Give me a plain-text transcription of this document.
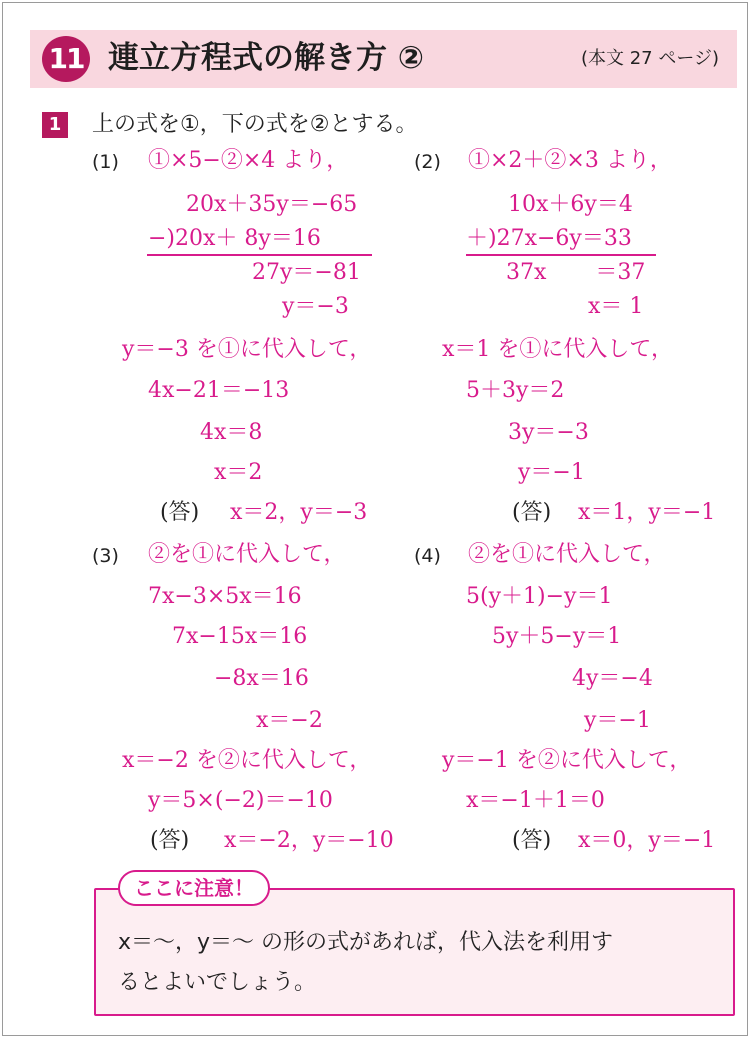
11 連立方程式の解き方 ②	(本文 27 ページ)
1	上の式を①，下の式を②とする。
(1) ①×5−②×4 より，
20x＋35y＝−65
−)20x＋ 8y＝16
27y＝−81
y＝−3
y＝−3 を①に代入して，
4x−21＝−13
4x＝8
x＝2
(答) x＝2，y＝−3
(2) ①×2＋②×3 より，
10x＋6y＝4
＋)27x−6y＝33
37x       ＝37
x＝ 1
x＝1 を①に代入して，
5＋3y＝2
3y＝−3
y＝−1
(答) x＝1，y＝−1
(3) ②を①に代入して，
7x−3×5x＝16
7x−15x＝16
−8x＝16
x＝−2
x＝−2 を②に代入して，
y＝5×(−2)＝−10
(答) x＝−2，y＝−10
(4) ②を①に代入して，
5(y＋1)−y＝1
5y＋5−y＝1
4y＝−4
y＝−1
y＝−1 を②に代入して，
x＝−1＋1＝0
(答) x＝0，y＝−1
ここに注意！
x＝〜，y＝〜 の形の式があれば，代入法を利用す
るとよいでしょう。
